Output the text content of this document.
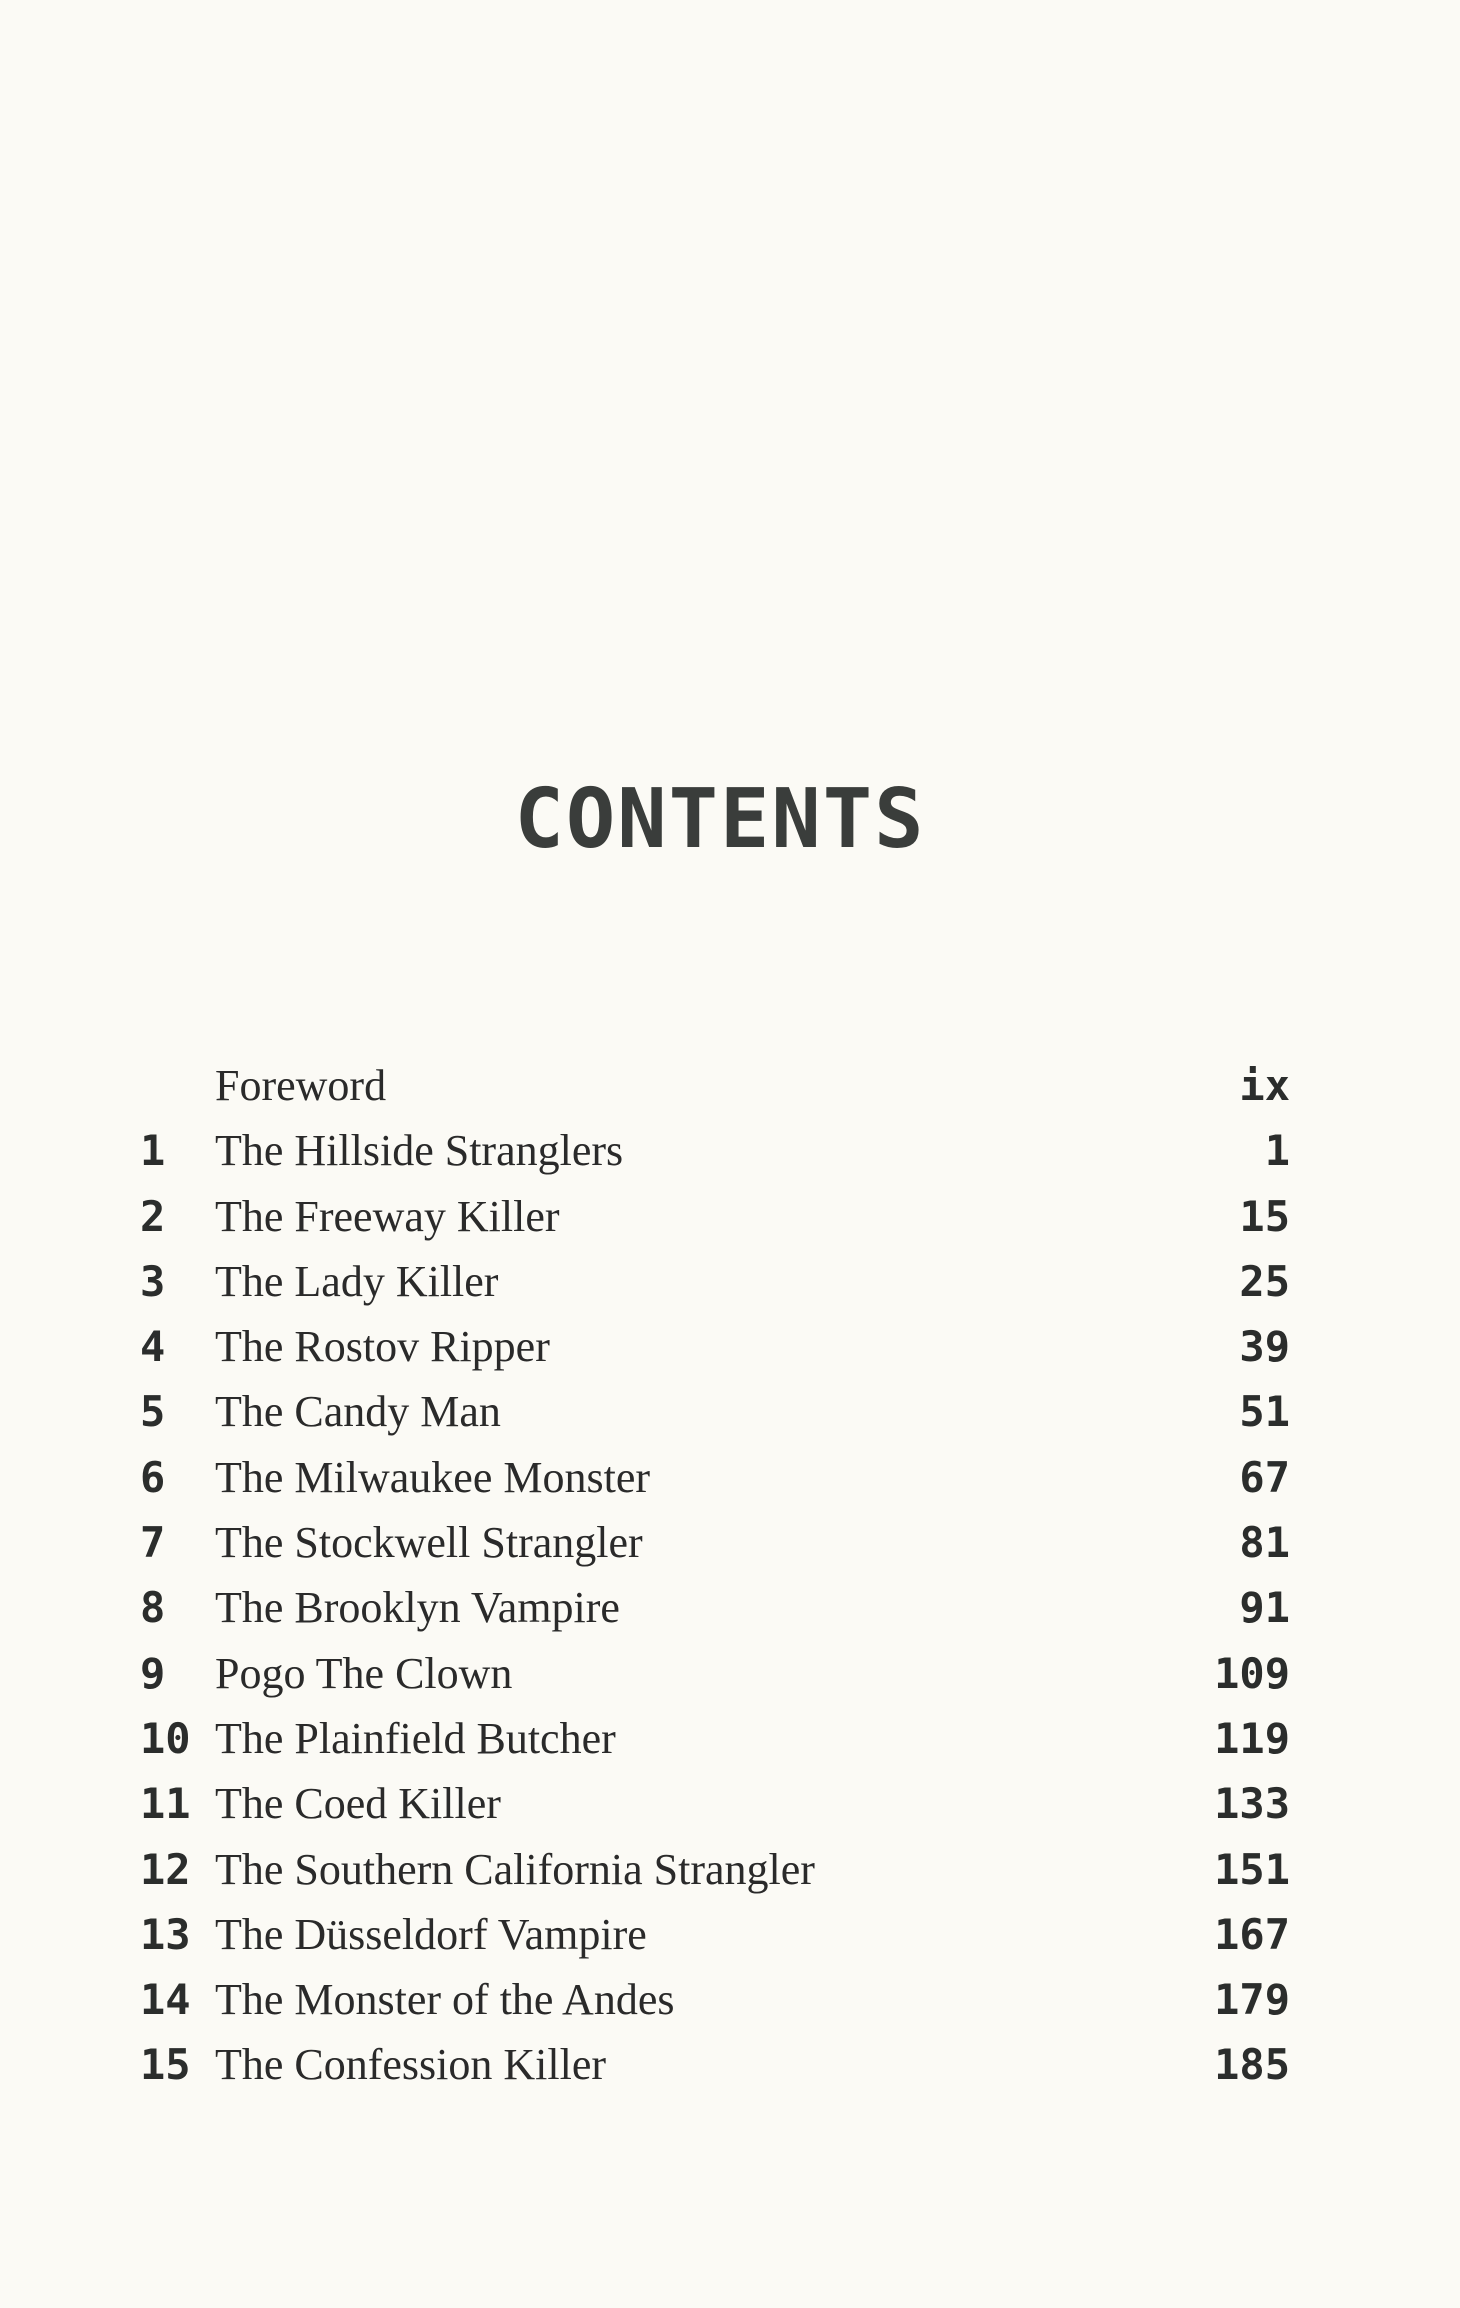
CONTENTS
Foreword	ix
1	The Hillside Stranglers	1
2	The Freeway Killer	15
3	The Lady Killer	25
4	The Rostov Ripper	39
5	The Candy Man	51
6	The Milwaukee Monster	67
7	The Stockwell Strangler	81
8	The Brooklyn Vampire	91
9	Pogo The Clown	109
10 The Plainfield Butcher	119
11 The Coed Killer	133
12 The Southern California Strangler	151
13 The Düsseldorf Vampire	167
14 The Monster of the Andes	179
15 The Confession Killer	185
